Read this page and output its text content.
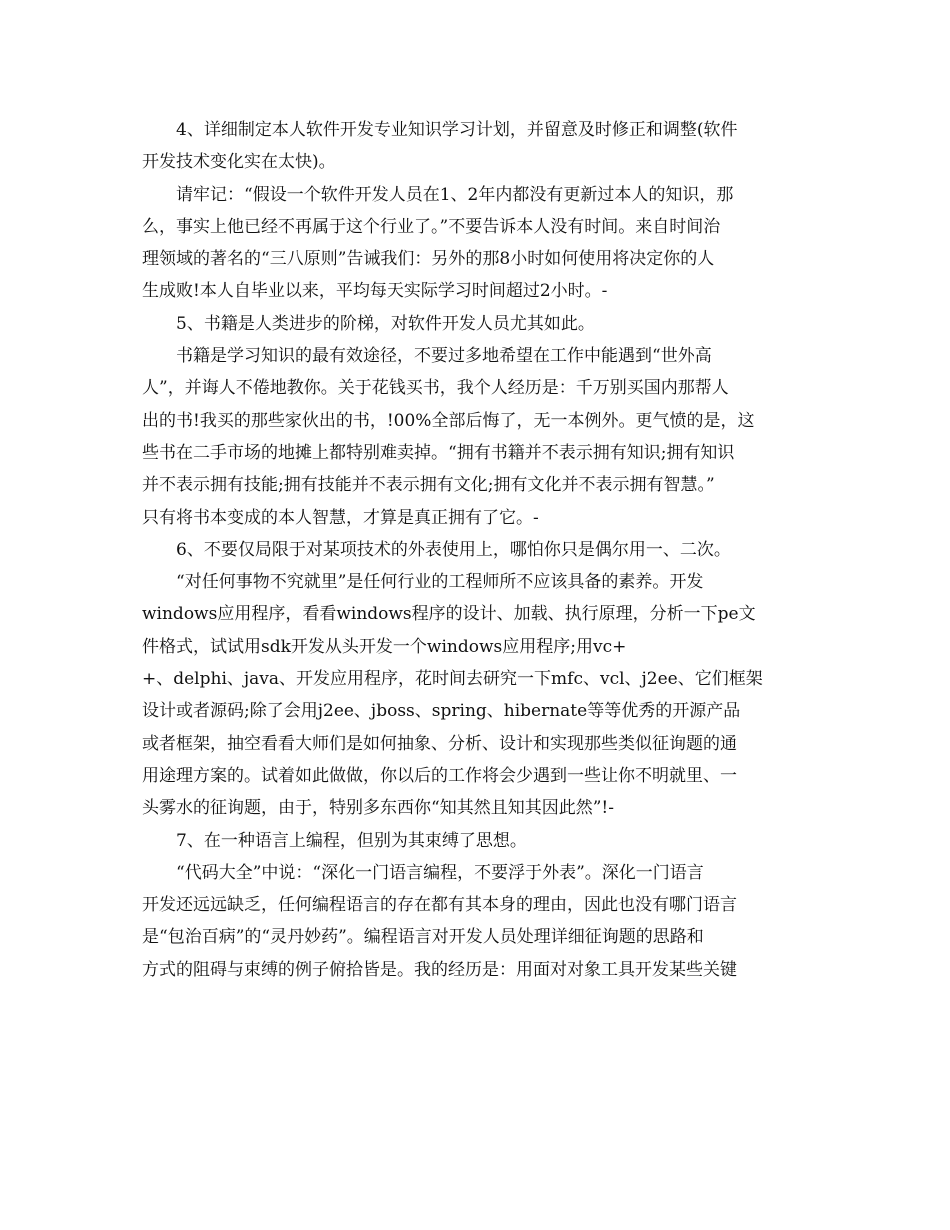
4、详细制定本人软件开发专业知识学习计划，并留意及时修正和调整(软件
开发技术变化实在太快)。
请牢记：“假设一个软件开发人员在1、2年内都没有更新过本人的知识，那
么，事实上他已经不再属于这个行业了。”不要告诉本人没有时间。来自时间治
理领域的著名的“三八原则”告诫我们：另外的那8小时如何使用将决定你的人
生成败!本人自毕业以来，平均每天实际学习时间超过2小时。-
5、书籍是人类进步的阶梯，对软件开发人员尤其如此。
书籍是学习知识的最有效途径，不要过多地希望在工作中能遇到“世外高
人”，并诲人不倦地教你。关于花钱买书，我个人经历是：千万别买国内那帮人
出的书!我买的那些家伙出的书，!00%全部后悔了，无一本例外。更气愤的是，这
些书在二手市场的地摊上都特别难卖掉。“拥有书籍并不表示拥有知识;拥有知识
并不表示拥有技能;拥有技能并不表示拥有文化;拥有文化并不表示拥有智慧。”
只有将书本变成的本人智慧，才算是真正拥有了它。-
6、不要仅局限于对某项技术的外表使用上，哪怕你只是偶尔用一、二次。
“对任何事物不究就里”是任何行业的工程师所不应该具备的素养。开发
windows应用程序，看看windows程序的设计、加载、执行原理，分析一下pe文
件格式，试试用sdk开发从头开发一个windows应用程序;用vc+
+、delphi、java、开发应用程序，花时间去研究一下mfc、vcl、j2ee、它们框架
设计或者源码;除了会用j2ee、jboss、spring、hibernate等等优秀的开源产品
或者框架，抽空看看大师们是如何抽象、分析、设计和实现那些类似征询题的通
用途理方案的。试着如此做做，你以后的工作将会少遇到一些让你不明就里、一
头雾水的征询题，由于，特别多东西你“知其然且知其因此然”!-
7、在一种语言上编程，但别为其束缚了思想。
“代码大全”中说：“深化一门语言编程，不要浮于外表”。深化一门语言
开发还远远缺乏，任何编程语言的存在都有其本身的理由，因此也没有哪门语言
是“包治百病”的“灵丹妙药”。编程语言对开发人员处理详细征询题的思路和
方式的阻碍与束缚的例子俯拾皆是。我的经历是：用面对对象工具开发某些关键
